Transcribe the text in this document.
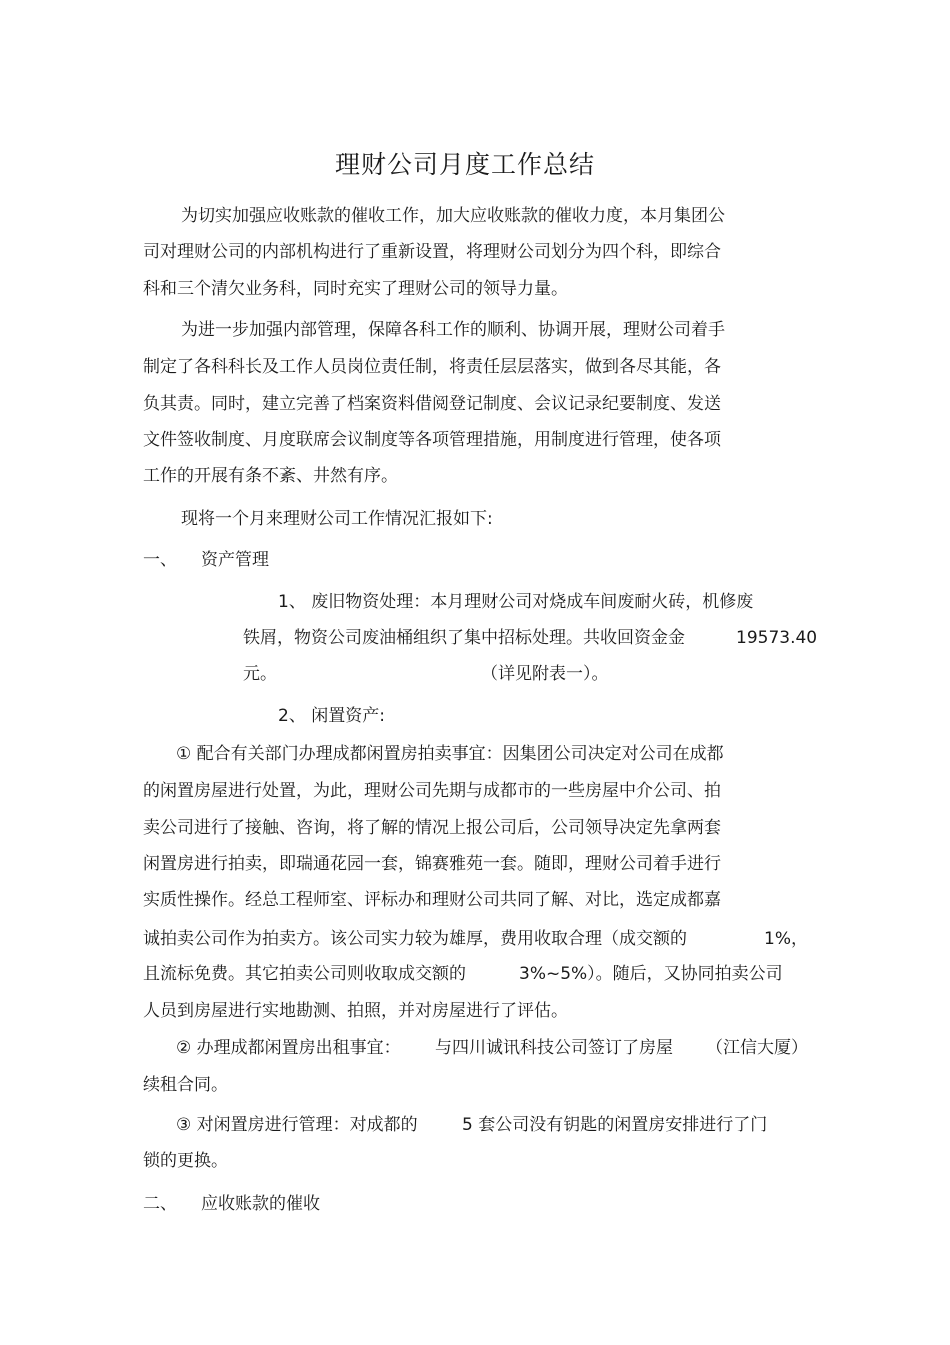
理财公司月度工作总结
为切实加强应收账款的催收工作，加大应收账款的催收力度，本月集团公
司对理财公司的内部机构进行了重新设置，将理财公司划分为四个科，即综合
科和三个清欠业务科，同时充实了理财公司的领导力量。
为进一步加强内部管理，保障各科工作的顺利、协调开展，理财公司着手
制定了各科科长及工作人员岗位责任制，将责任层层落实，做到各尽其能，各
负其责。同时，建立完善了档案资料借阅登记制度、会议记录纪要制度、发送
文件签收制度、月度联席会议制度等各项管理措施，用制度进行管理，使各项
工作的开展有条不紊、井然有序。
现将一个月来理财公司工作情况汇报如下:
一、 资产管理
1、 废旧物资处理：本月理财公司对烧成车间废耐火砖，机修废
铁屑，物资公司废油桶组织了集中招标处理。共收回资金金	19573.40
元。	（详见附表一）。
2、 闲置资产:
① 配合有关部门办理成都闲置房拍卖事宜：因集团公司决定对公司在成都
的闲置房屋进行处置，为此，理财公司先期与成都市的一些房屋中介公司、拍
卖公司进行了接触、咨询，将了解的情况上报公司后，公司领导决定先拿两套
闲置房进行拍卖，即瑞通花园一套，锦赛雅苑一套。随即，理财公司着手进行
实质性操作。经总工程师室、评标办和理财公司共同了解、对比，选定成都嘉
诚拍卖公司作为拍卖方。该公司实力较为雄厚，费用收取合理（成交额的	1%，
且流标免费。其它拍卖公司则收取成交额的	3%~5%）。随后，又协同拍卖公司
人员到房屋进行实地勘测、拍照，并对房屋进行了评估。
② 办理成都闲置房出租事宜： 与四川诚讯科技公司签订了房屋 （江信大厦）
续租合同。
③ 对闲置房进行管理：对成都的	5 套公司没有钥匙的闲置房安排进行了门
锁的更换。
二、 应收账款的催收
